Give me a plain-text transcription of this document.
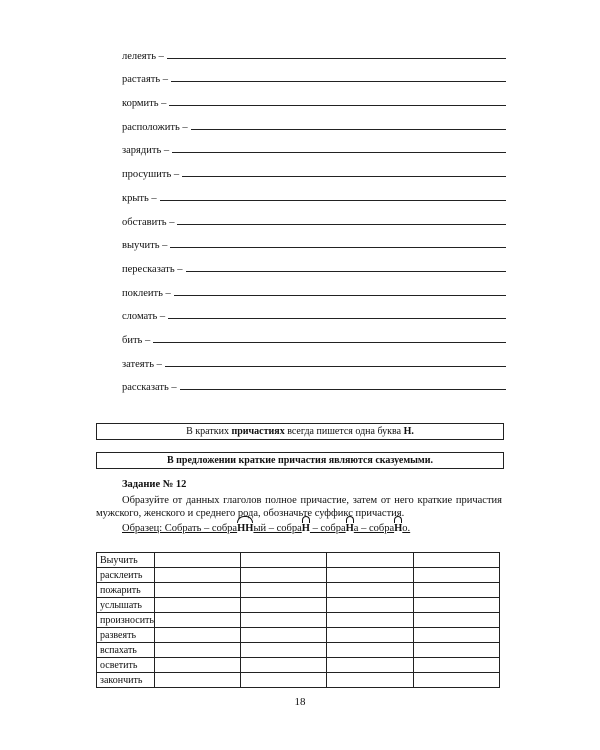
лелеять –
растаять –
кормить –
расположить –
зарядить –
просушить –
крыть –
обставить –
выучить –
пересказать –
поклеить –
сломать –
бить –
затеять –
рассказать –
В кратких
причастиях
всегда пишется одна буква
Н.
В предложении краткие причастия являются сказуемыми.
Задание № 12
Образуйте от данных глаголов полное причастие, затем от него краткие причастия мужского, женского и среднего рода, обозначьте суффикс причастия.
Образец: Собрать – собраННый – собраН – собраНа – собраНо.
Выучить				
расклеить				
пожарить				
услышать				
произносить				
развеять				
вспахать				
осветить				
закончить				
18
